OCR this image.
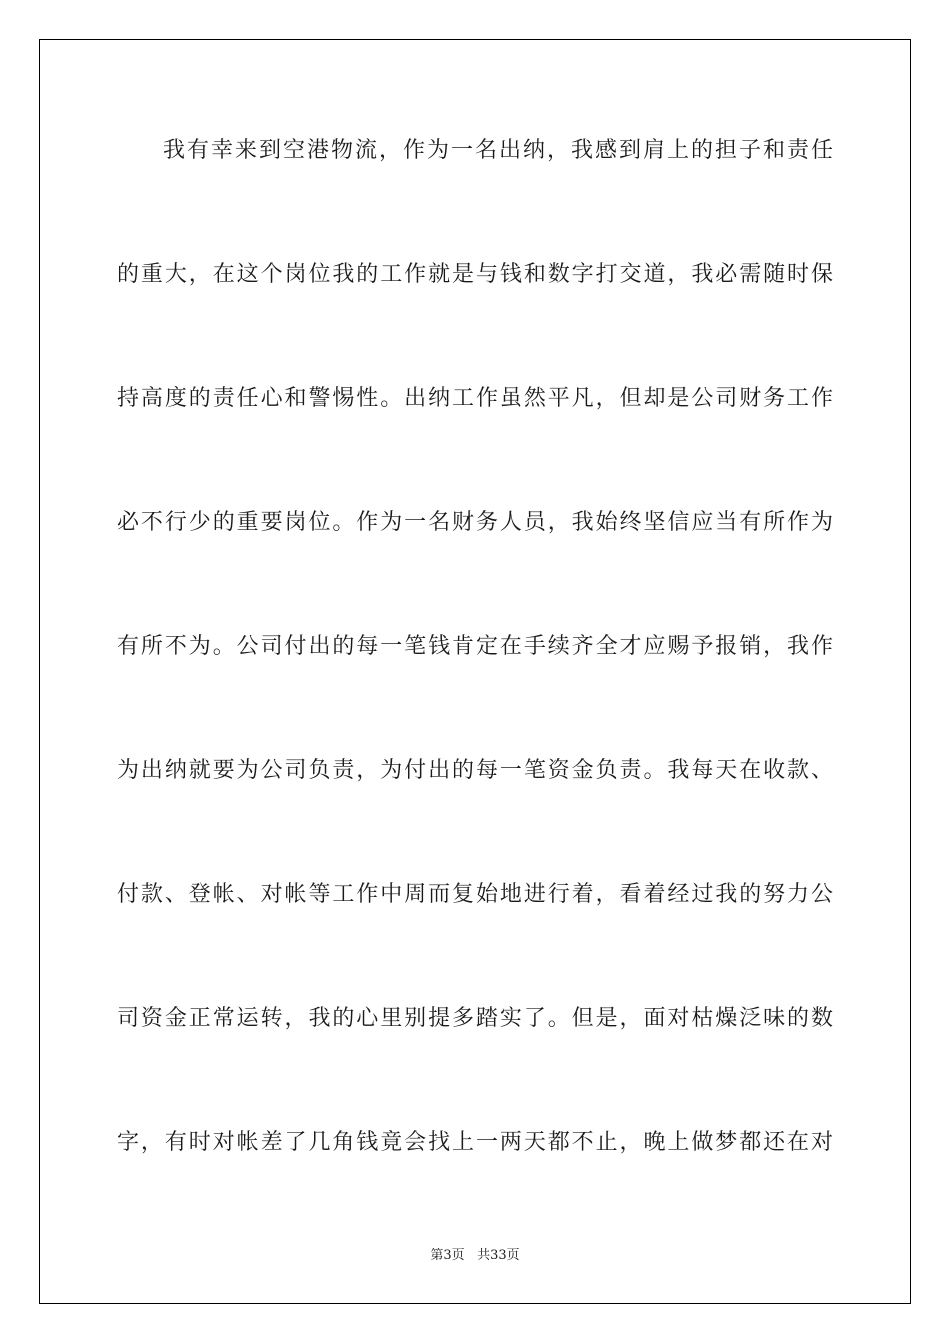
我有幸来到空港物流，作为一名出纳，我感到肩上的担子和责任

的重大，在这个岗位我的工作就是与钱和数字打交道，我必需随时保

持高度的责任心和警惕性。出纳工作虽然平凡，但却是公司财务工作

必不行少的重要岗位。作为一名财务人员，我始终坚信应当有所作为

有所不为。公司付出的每一笔钱肯定在手续齐全才应赐予报销，我作

为出纳就要为公司负责，为付出的每一笔资金负责。我每天在收款、

付款、登帐、对帐等工作中周而复始地进行着，看着经过我的努力公

司资金正常运转，我的心里别提多踏实了。但是，面对枯燥泛味的数

字，有时对帐差了几角钱竟会找上一两天都不止，晚上做梦都还在对

第3页 共33页
